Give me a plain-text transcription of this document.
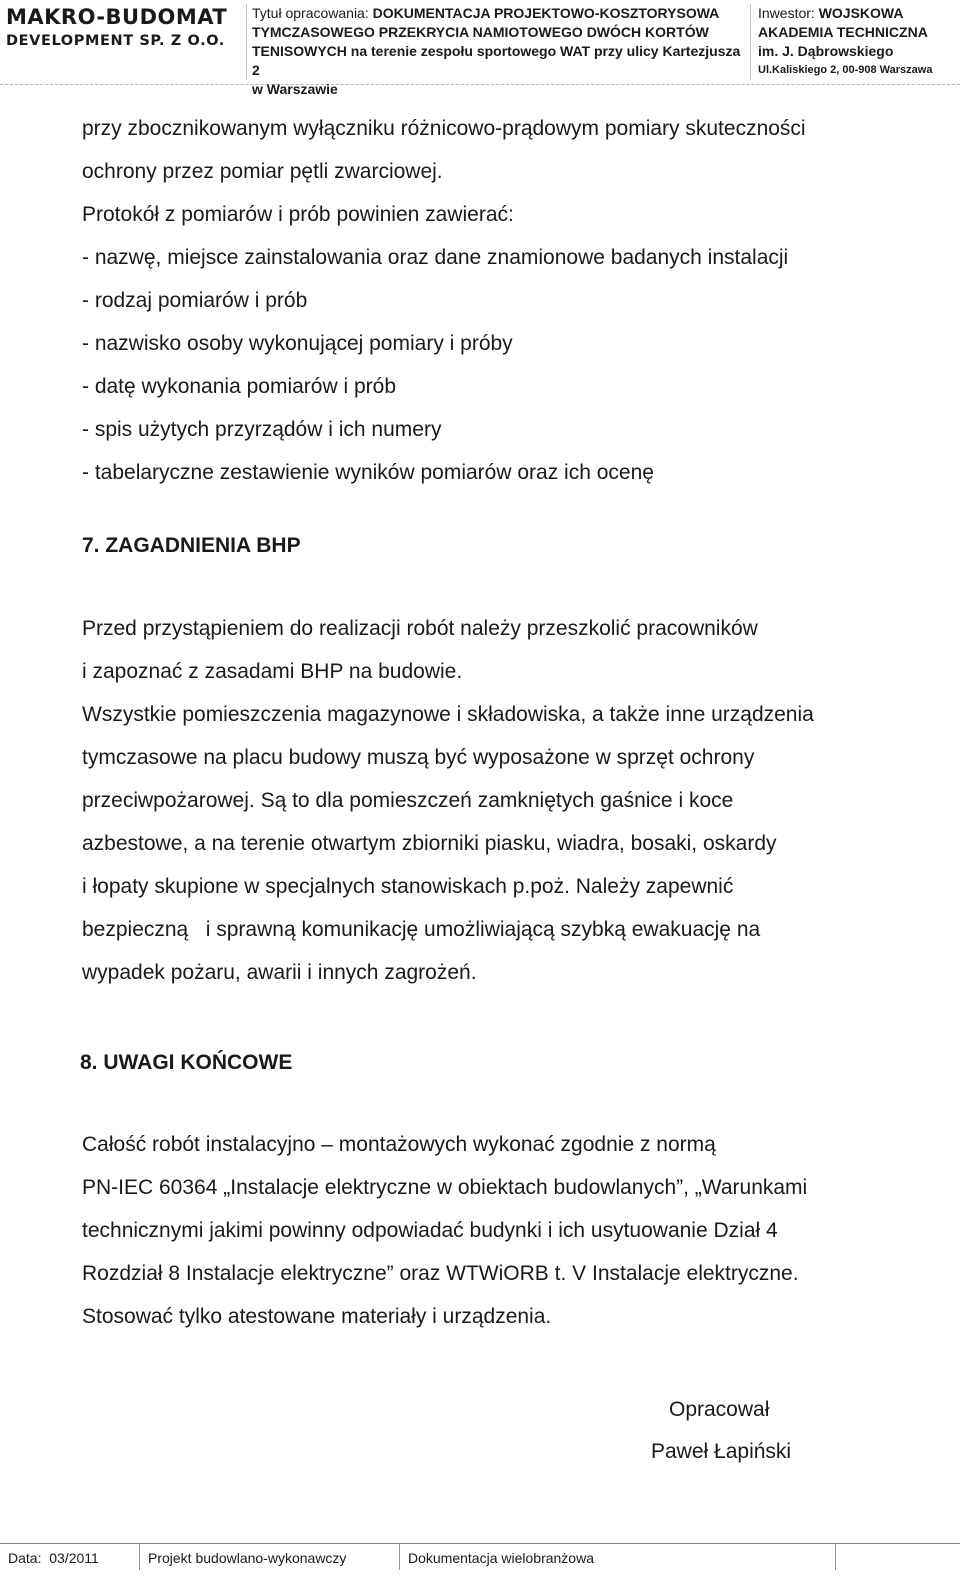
MAKRO-BUDOMAT
DEVELOPMENT SP. Z O.O.
Tytuł opracowania: DOKUMENTACJA PROJEKTOWO-KOSZTORYSOWA
TYMCZASOWEGO PRZEKRYCIA NAMIOTOWEGO DWÓCH KORTÓW
TENISOWYCH na terenie zespołu sportowego WAT przy ulicy Kartezjusza 2
w Warszawie
Inwestor: WOJSKOWA
AKADEMIA TECHNICZNA
im. J. Dąbrowskiego
Ul.Kaliskiego 2, 00-908 Warszawa

przy zbocznikowanym wyłączniku różnicowo-prądowym pomiary skuteczności

ochrony przez pomiar pętli zwarciowej.

Protokół z pomiarów i prób powinien zawierać:

- nazwę, miejsce zainstalowania oraz dane znamionowe badanych instalacji

- rodzaj pomiarów i prób

- nazwisko osoby wykonującej pomiary i próby

- datę wykonania pomiarów i prób

- spis użytych przyrządów i ich numery

- tabelaryczne zestawienie wyników pomiarów oraz ich ocenę

7. ZAGADNIENIA BHP

Przed przystąpieniem do realizacji robót należy przeszkolić pracowników

i zapoznać z zasadami BHP na budowie.

Wszystkie pomieszczenia magazynowe i składowiska, a także inne urządzenia

tymczasowe na placu budowy muszą być wyposażone w sprzęt ochrony

przeciwpożarowej. Są to dla pomieszczeń zamkniętych gaśnice i koce

azbestowe, a na terenie otwartym zbiorniki piasku, wiadra, bosaki, oskardy

i łopaty skupione w specjalnych stanowiskach p.poż. Należy zapewnić

bezpieczną   i sprawną komunikację umożliwiającą szybką ewakuację na

wypadek pożaru, awarii i innych zagrożeń.

8. UWAGI KOŃCOWE

Całość robót instalacyjno – montażowych wykonać zgodnie z normą

PN-IEC 60364 „Instalacje elektryczne w obiektach budowlanych”, „Warunkami

technicznymi jakimi powinny odpowiadać budynki i ich usytuowanie Dział 4

Rozdział 8 Instalacje elektryczne” oraz WTWiORB t. V Instalacje elektryczne.

Stosować tylko atestowane materiały i urządzenia.

Opracował
Paweł Łapiński
Data:  03/2011	Projekt budowlano-wykonawczy	Dokumentacja wielobranżowa
